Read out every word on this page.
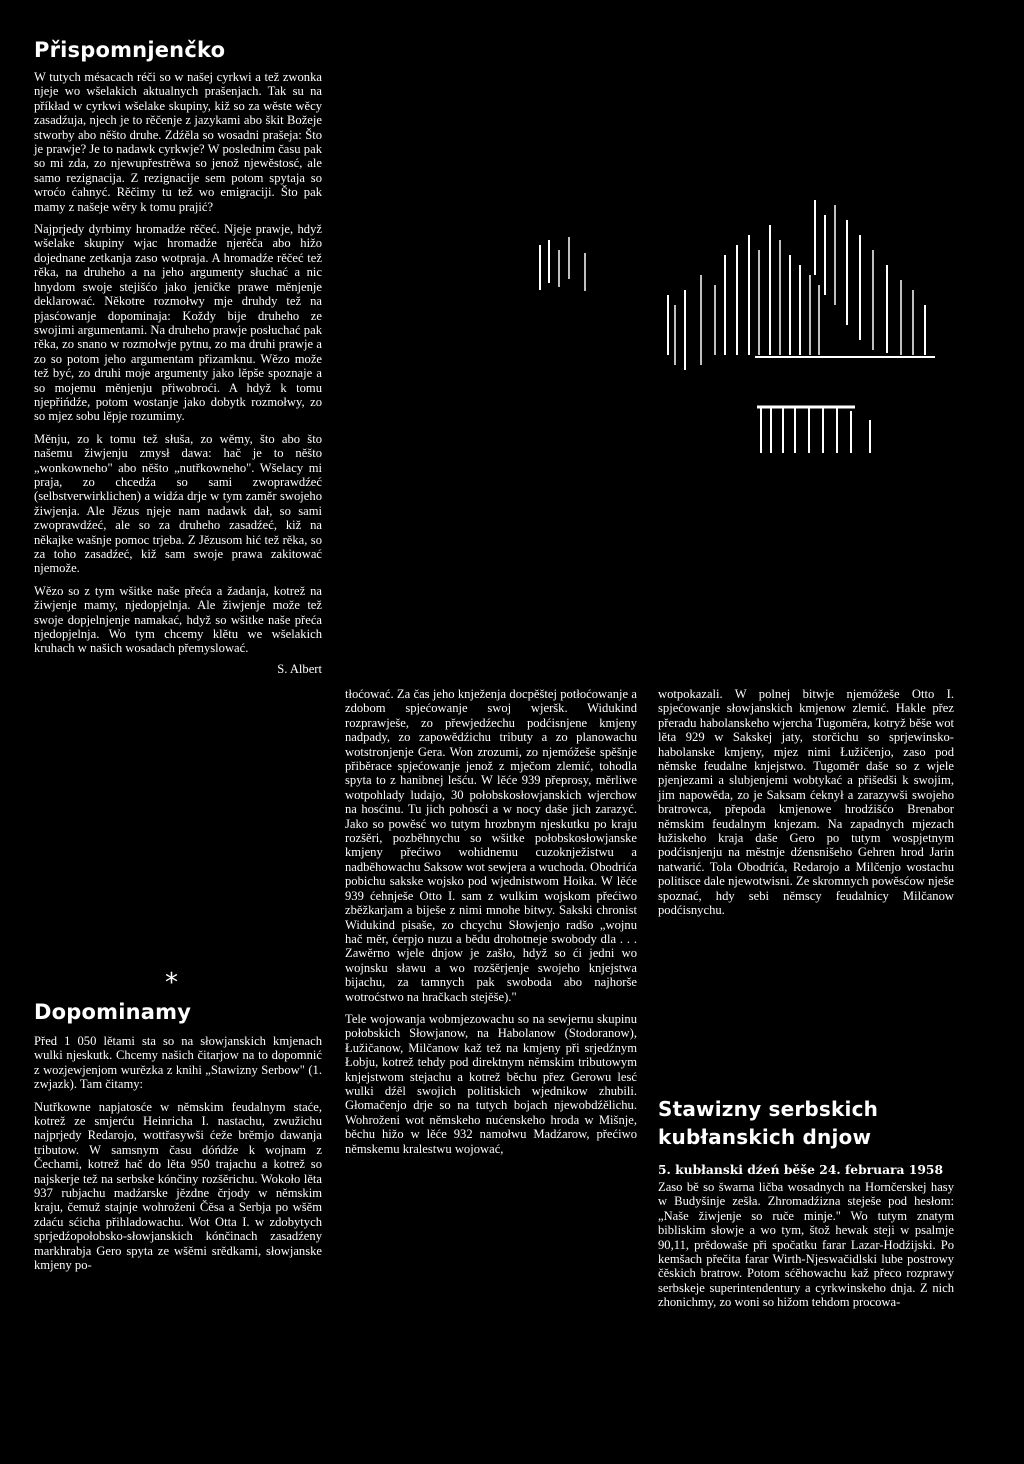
Přispomnjenčko

W tutych mésacach réči so w našej cyrkwi a tež zwonka njeje wo wšelakich aktualnych prašenjach. Tak su na příkład w cyrkwi wšelake skupiny, kiž so za wěste wěcy zasadźuja, njech je to rěčenje z jazykami abo škit Božeje stworby abo něšto druhe. Zdźěla so wosadni prašeja: Što je prawje? Je to nadawk cyrkwje? W poslednim času pak so mi zda, zo njewupřestrěwa so jenož njewěstosć, ale samo rezignacija. Z rezignacije sem potom spytaja so wroćo ćahnyć. Rěčimy tu tež wo emigraciji. Što pak mamy z našeje wěry k tomu prajić?

Najprjedy dyrbimy hromadźe rěčeć. Njeje prawje, hdyž wšelake skupiny wjac hromadźe njerěča abo hižo dojednane zetkanja zaso wotpraja. A hromadźe rěčeć tež rěka, na druheho a na jeho argumenty słuchać a nic hnydom swoje stejišćo jako jeničke prawe měnjenje deklarować. Někotre rozmołwy mje druhdy tež na pjasćowanje dopominaja: Koždy bije druheho ze swojimi argumentami. Na druheho prawje posłuchać pak rěka, zo snano w rozmołwje pytnu, zo ma druhi prawje a zo so potom jeho argumentam přizamknu. Wězo može tež być, zo druhi moje argumenty jako lěpše spoznaje a so mojemu měnjenju přiwobroći. A hdyž k tomu njepřińdźe, potom wostanje jako dobytk rozmołwy, zo so mjez sobu lěpje rozumimy.

Měnju, zo k tomu tež słuša, zo wěmy, što abo što našemu žiwjenju zmysł dawa: hač je to něšto „wonkowneho" abo něšto „nutřkowneho". Wšelacy mi praja, zo chcedźa so sami zwoprawdźeć (selbstverwirklichen) a widźa drje w tym zaměr swojeho žiwjenja. Ale Jězus njeje nam nadawk dał, so sami zwoprawdźeć, ale so za druheho zasadźeć, kiž na někajke wašnje pomoc trjeba. Z Jězusom hić tež rěka, so za toho zasadźeć, kiž sam swoje prawa zakitować njemože.

Wězo so z tym wšitke naše přeća a žadanja, kotrež na žiwjenje mamy, njedopjelnja. Ale žiwjenje može tež swoje dopjelnjenje namakać, hdyž so wšitke naše přeća njedopjelnja. Wo tym chcemy klětu we wšelakich kruhach w našich wosadach přemyslować.

S. Albert
*
Dopominamy

Před 1 050 lětami sta so na słowjanskich kmjenach wulki njeskutk. Chcemy našich čitarjow na to dopomnić z wozjewjenjom wurězka z knihi „Stawizny Serbow" (1. zwjazk). Tam čitamy:

Nutřkowne napjatosće w němskim feudalnym staće, kotrež ze smjerću Heinricha I. nastachu, zwužichu najprjedy Redarojo, wottřasywši ćeže brěmjo dawanja tributow. W samsnym času dóńdźe k wojnam z Čechami, kotrež hač do lěta 950 trajachu a kotrež so najskerje tež na serbske kónčiny rozšěrichu. Wokoło lěta 937 rubjachu madźarske jězdne črjody w němskim kraju, čemuž stajnje wohroženi Čěsa a Serbja po wšěm zdaću sćicha přihladowachu. Wot Otta I. w zdobytych sprjedźopołobsko-słowjanskich kónčinach zasadźeny markhrabja Gero spyta ze wšěmi srědkami, słowjanske kmjeny po-

tłoćować. Za čas jeho knježenja docpěštej potłoćowanje a zdobom spjećowanje swoj wjeršk. Widukind rozprawješe, zo přewjedźechu podćisnjene kmjeny nadpady, zo zapowědźichu tributy a zo planowachu wotstronjenje Gera. Won zrozumi, zo njemóžeše spěšnje přiběrace spjećowanje jenož z mječom zlemić, tohodla spyta to z hanibnej lešću. W lěće 939 přeprosy, měrliwe wotpohlady ludajo, 30 połobskosłowjanskich wjerchow na hosćinu. Tu jich pohosći a w nocy daše jich zarazyć. Jako so powěsć wo tutym hrozbnym njeskutku po kraju rozšěri, pozběhnychu so wšitke połobskosłowjanske kmjeny přećiwo wohidnemu cuzoknježistwu a nadběhowachu Saksow wot sewjera a wuchoda. Obodrića pobichu sakske wojsko pod wjednistwom Hoika. W lěće 939 ćehnješe Otto I. sam z wulkim wojskom přećiwo zběžkarjam a biješe z nimi mnohe bitwy. Sakski chronist Widukind pisaše, zo chcychu Słowjenjo radšo „wojnu hač měr, ćerpjo nuzu a bědu drohotneje swobody dla . . . Zawěrno wjele dnjow je zašło, hdyž so ći jedni wo wojnsku sławu a wo rozšěrjenje swojeho knjejstwa bijachu, za tamnych pak swoboda abo najhorše wotroćstwo na hračkach stejěše)."

Tele wojowanja wobmjezowachu so na sewjernu skupinu połobskich Słowjanow, na Habolanow (Stodoranow), Łužičanow, Milčanow kaž tež na kmjeny při srjedźnym Łobju, kotrež tehdy pod direktnym němskim tributowym knjejstwom stejachu a kotrež běchu přez Gerowu lesć wulki dźěl swojich politiskich wjednikow zhubili. Głomačenjo drje so na tutych bojach njewobdźělichu. Wohroženi wot němskeho nućenskeho hroda w Mišnje, běchu hižo w lěće 932 namołwu Madźarow, přećiwo němskemu kralestwu wojować,

wotpokazali. W polnej bitwje njemóžeše Otto I. spjećowanje słowjanskich kmjenow zlemić. Hakle přez přeradu habolanskeho wjercha Tugoměra, kotryž běše wot lěta 929 w Sakskej jaty, storčichu so sprjewinsko-habolanske kmjeny, mjez nimi Łužičenjo, zaso pod němske feudalne knjejstwo. Tugoměr daše so z wjele pjenjezami a slubjenjemi wobtykać a přišedši k swojim, jim napowěda, zo je Saksam ćeknył a zarazywši swojeho bratrowca, přepoda kmjenowe hrodźišćo Brenabor němskim feudalnym knjezam. Na zapadnych mjezach łužiskeho kraja daše Gero po tutym wospjetnym podćisnjenju na městnje dźensnišeho Gehren hrod Jarin natwarić. Tola Obodrića, Redarojo a Milčenjo wostachu politisce dale njewotwisni. Ze skromnych powěsćow nješe spoznać, hdy sebi němscy feudalnicy Milčanow podćisnychu.

Stawizny serbskich
kubłanskich dnjow
5. kubłanski dźeń běše 24. februara 1958

Zaso bě so šwarna ličba wosadnych na Hornčerskej hasy w Budyšinje zešła. Zhromadźizna steješe pod hesłom: „Naše žiwjenje so ruče minje." Wo tutym znatym bibliskim słowje a wo tym, štož hewak steji w psalmje 90,11, prědowaše při spočatku farar Lazar-Hodźijski. Po kemšach přečita farar Wirth-Njeswačidlski lube postrowy čěskich bratrow. Potom sćěhowachu kaž přeco rozprawy serbskeje superintendentury a cyrkwinskeho dnja. Z nich zhonichmy, zo woni so hižom tehdom procowa-
